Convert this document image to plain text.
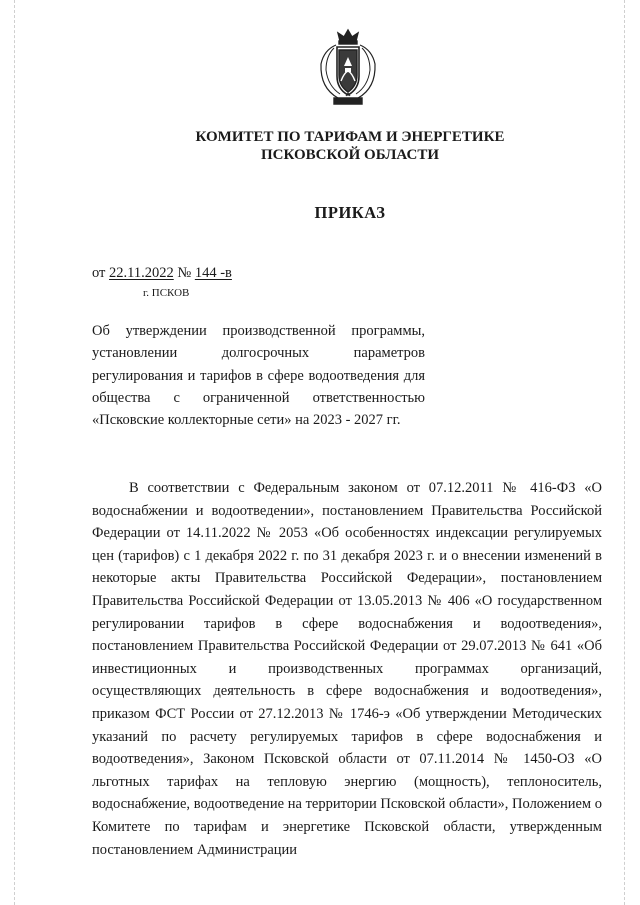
КОМИТЕТ ПО ТАРИФАМ И ЭНЕРГЕТИКЕ
ПСКОВСКОЙ ОБЛАСТИ
ПРИКАЗ
от 22.11.2022 № 144 -в
г. ПСКОВ
Об утверждении производственной программы, установлении долгосрочных параметров регулирования и тарифов в сфере водоотведения для общества с ограниченной ответственностью «Псковские коллекторные сети» на 2023 - 2027 гг.
В соответствии с Федеральным законом от 07.12.2011 № 416-ФЗ «О водоснабжении и водоотведении», постановлением Правительства Российской Федерации от 14.11.2022 № 2053 «Об особенностях индексации регулируемых цен (тарифов) с 1 декабря 2022 г. по 31 декабря 2023 г. и о внесении изменений в некоторые акты Правительства Российской Федерации», постановлением Правительства Российской Федерации от 13.05.2013 № 406 «О государственном регулировании тарифов в сфере водоснабжения и водоотведения», постановлением Правительства Российской Федерации от 29.07.2013 № 641 «Об инвестиционных и производственных программах организаций, осуществляющих деятельность в сфере водоснабжения и водоотведения», приказом ФСТ России от 27.12.2013 № 1746-э «Об утверждении Методических указаний по расчету регулируемых тарифов в сфере водоснабжения и водоотведения», Законом Псковской области от 07.11.2014 № 1450-ОЗ «О льготных тарифах на тепловую энергию (мощность), теплоноситель, водоснабжение, водоотведение на территории Псковской области», Положением о Комитете по тарифам и энергетике Псковской области, утвержденным постановлением Администрации
